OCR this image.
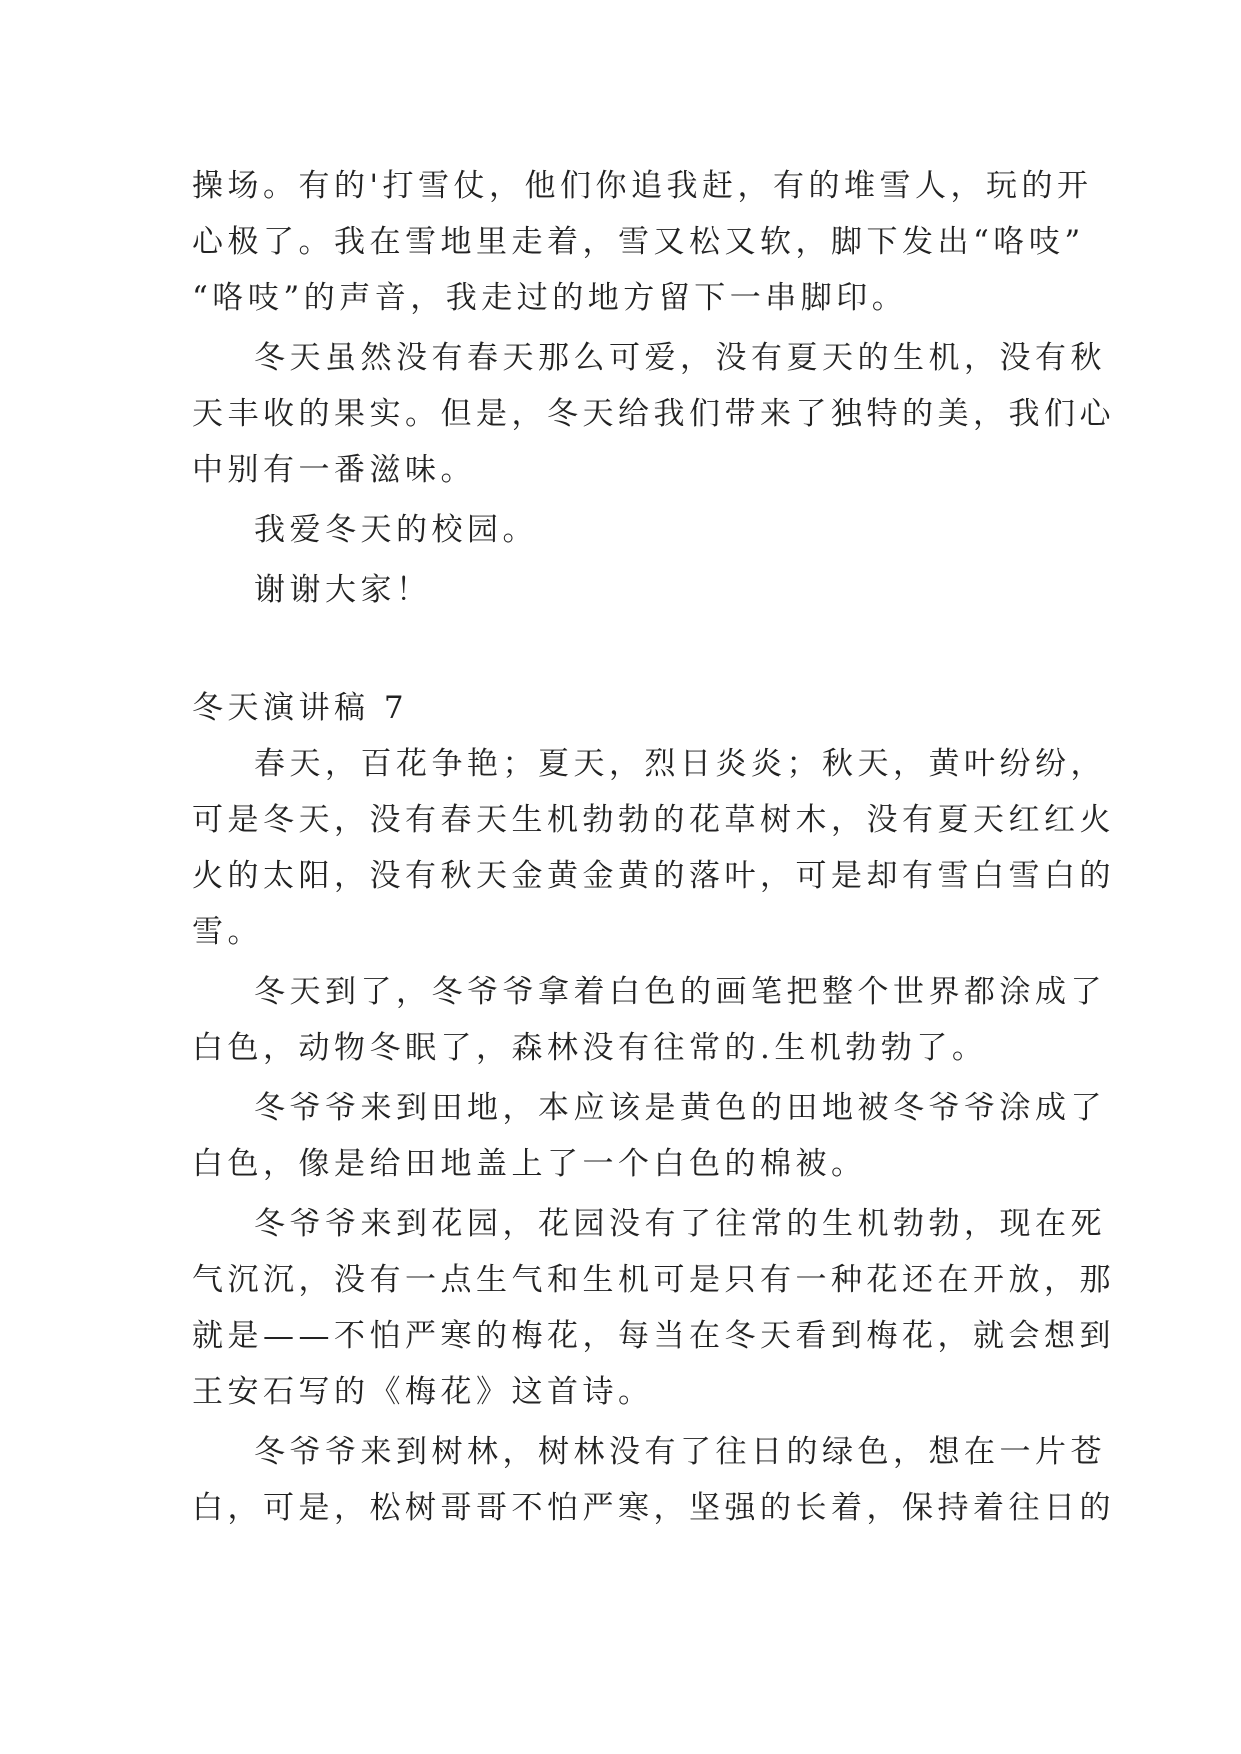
操场。有的'打雪仗，他们你追我赶，有的堆雪人，玩的开
心极了。我在雪地里走着，雪又松又软，脚下发出“咯吱”
“咯吱”的声音，我走过的地方留下一串脚印。
冬天虽然没有春天那么可爱，没有夏天的生机，没有秋
天丰收的果实。但是，冬天给我们带来了独特的美，我们心
中别有一番滋味。
我爱冬天的校园。
谢谢大家！
冬天演讲稿 7
春天，百花争艳；夏天，烈日炎炎；秋天，黄叶纷纷，
可是冬天，没有春天生机勃勃的花草树木，没有夏天红红火
火的太阳，没有秋天金黄金黄的落叶，可是却有雪白雪白的
雪。
冬天到了，冬爷爷拿着白色的画笔把整个世界都涂成了
白色，动物冬眠了，森林没有往常的.生机勃勃了。
冬爷爷来到田地，本应该是黄色的田地被冬爷爷涂成了
白色，像是给田地盖上了一个白色的棉被。
冬爷爷来到花园，花园没有了往常的生机勃勃，现在死
气沉沉，没有一点生气和生机可是只有一种花还在开放，那
就是——不怕严寒的梅花，每当在冬天看到梅花，就会想到
王安石写的《梅花》这首诗。
冬爷爷来到树林，树林没有了往日的绿色，想在一片苍
白，可是，松树哥哥不怕严寒，坚强的长着，保持着往日的
